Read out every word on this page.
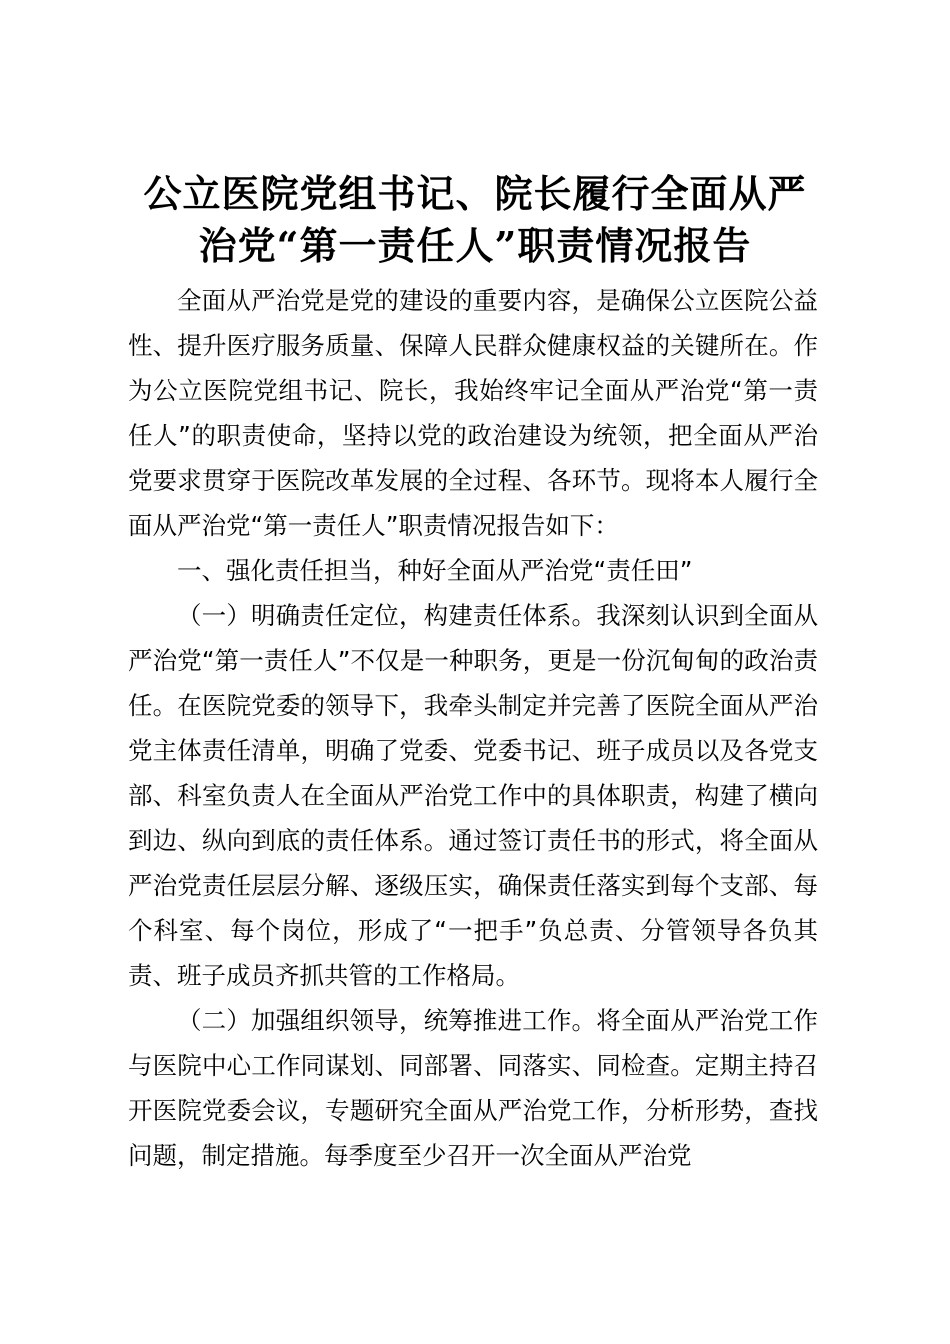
公立医院党组书记、院长履行全面从严
治党“第一责任人”职责情况报告

全面从严治党是党的建设的重要内容，是确保公立医院公益性、提升医疗服务质量、保障人民群众健康权益的关键所在。作为公立医院党组书记、院长，我始终牢记全面从严治党“第一责任人”的职责使命，坚持以党的政治建设为统领，把全面从严治党要求贯穿于医院改革发展的全过程、各环节。现将本人履行全面从严治党“第一责任人”职责情况报告如下：

一、强化责任担当，种好全面从严治党“责任田”

（一）明确责任定位，构建责任体系。我深刻认识到全面从严治党“第一责任人”不仅是一种职务，更是一份沉甸甸的政治责任。在医院党委的领导下，我牵头制定并完善了医院全面从严治党主体责任清单，明确了党委、党委书记、班子成员以及各党支部、科室负责人在全面从严治党工作中的具体职责，构建了横向到边、纵向到底的责任体系。通过签订责任书的形式，将全面从严治党责任层层分解、逐级压实，确保责任落实到每个支部、每个科室、每个岗位，形成了“一把手”负总责、分管领导各负其责、班子成员齐抓共管的工作格局。

（二）加强组织领导，统筹推进工作。将全面从严治党工作与医院中心工作同谋划、同部署、同落实、同检查。定期主持召开医院党委会议，专题研究全面从严治党工作，分析形势，查找问题，制定措施。每季度至少召开一次全面从严治党
